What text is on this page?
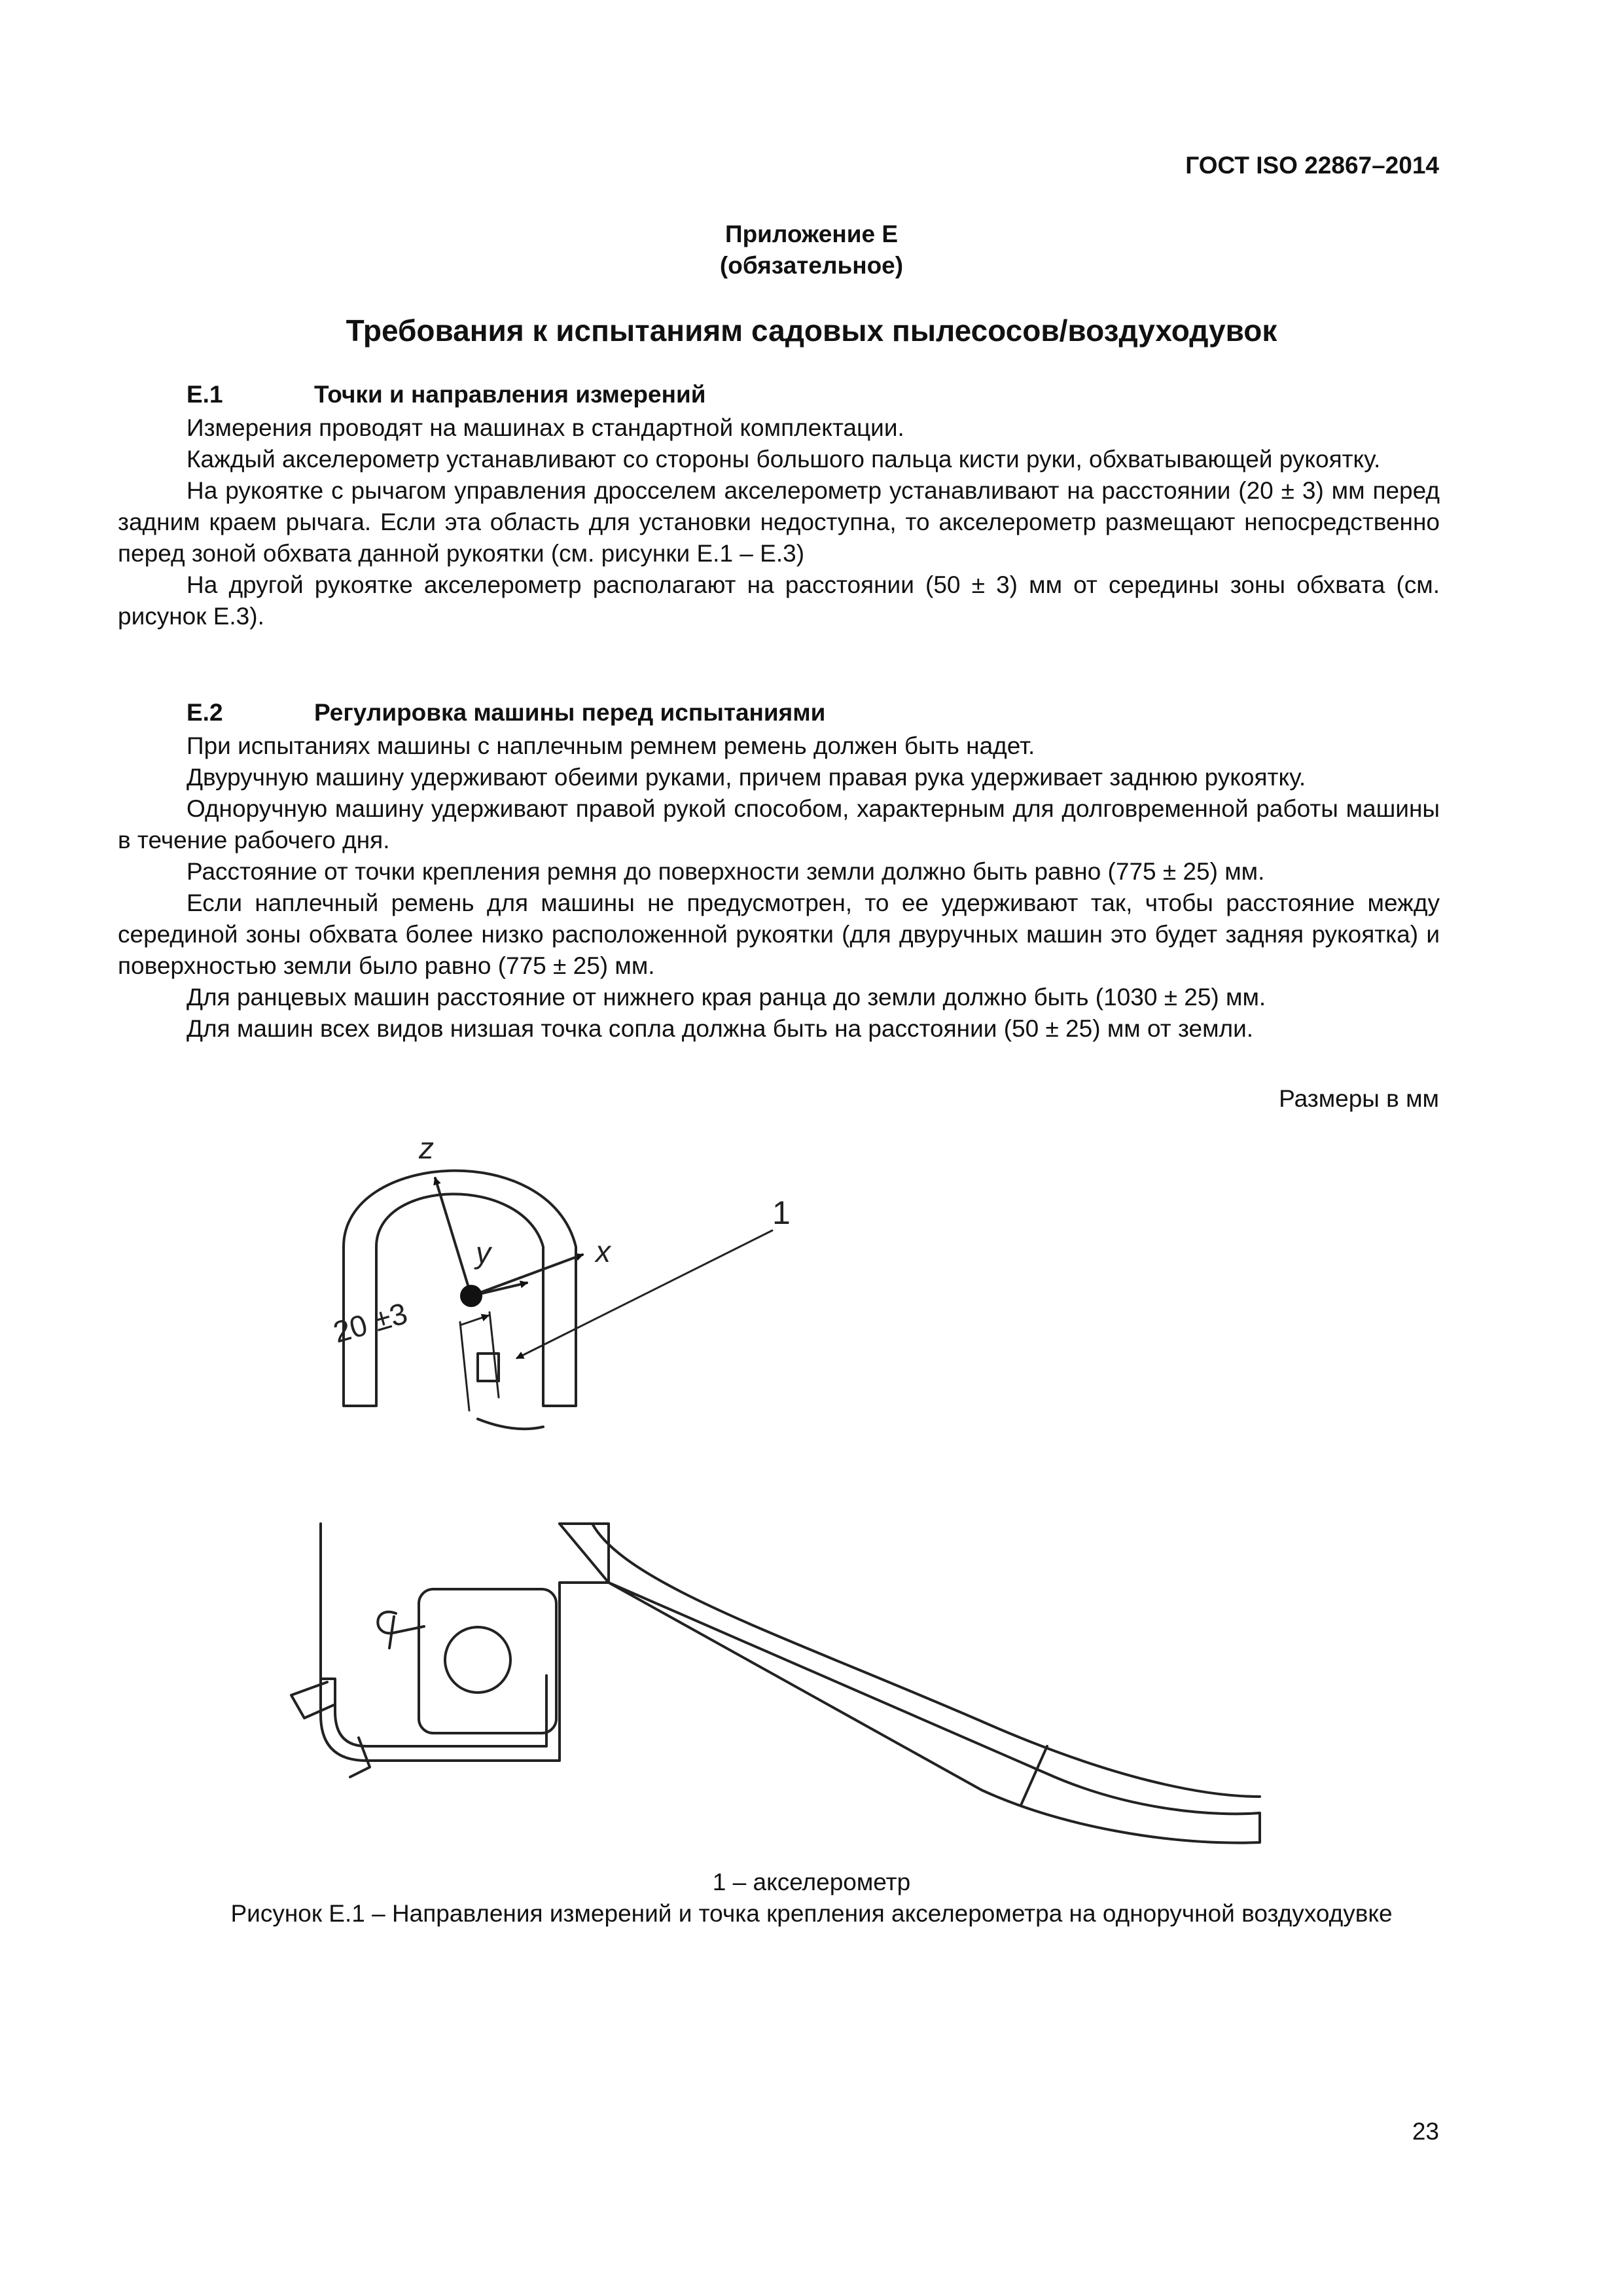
ГОСТ ISO 22867–2014
Приложение Е
(обязательное)
Требования к испытаниям садовых пылесосов/воздуходувок
Е.1	Точки и направления измерений

Измерения проводят на машинах в стандартной комплектации.

Каждый акселерометр устанавливают со стороны большого пальца кисти руки, обхватывающей рукоятку.

На рукоятке с рычагом управления дросселем акселерометр устанавливают на расстоянии (20 ± 3) мм перед задним краем рычага. Если эта область для установки недоступна, то акселерометр размещают непосредственно перед зоной обхвата данной рукоятки (см. рисунки Е.1 – Е.3)

На другой рукоятке акселерометр располагают на расстоянии (50 ± 3) мм от середины зоны обхвата (см. рисунок Е.3).

Е.2	Регулировка машины перед испытаниями

При испытаниях машины с наплечным ремнем ремень должен быть надет.

Двуручную машину удерживают обеими руками, причем правая рука удерживает заднюю рукоятку.

Одноручную машину удерживают правой рукой способом, характерным для долговременной работы машины в течение рабочего дня.

Расстояние от точки крепления ремня до поверхности земли должно быть равно (775 ± 25) мм.

Если наплечный ремень для машины не предусмотрен, то ее удерживают так, чтобы расстояние между серединой зоны обхвата более низко расположенной рукоятки (для двуручных машин это будет задняя рукоятка) и поверхностью земли было равно (775 ± 25) мм.

Для ранцевых машин расстояние от нижнего края ранца до земли должно быть (1030 ± 25) мм.

Для машин всех видов низшая точка сопла должна быть на расстоянии (50 ± 25) мм от земли.

Размеры в мм
z
y	x
20 ±3
1
1 – акселерометр
Рисунок Е.1 – Направления измерений и точка крепления акселерометра на одноручной воздуходувке
23
